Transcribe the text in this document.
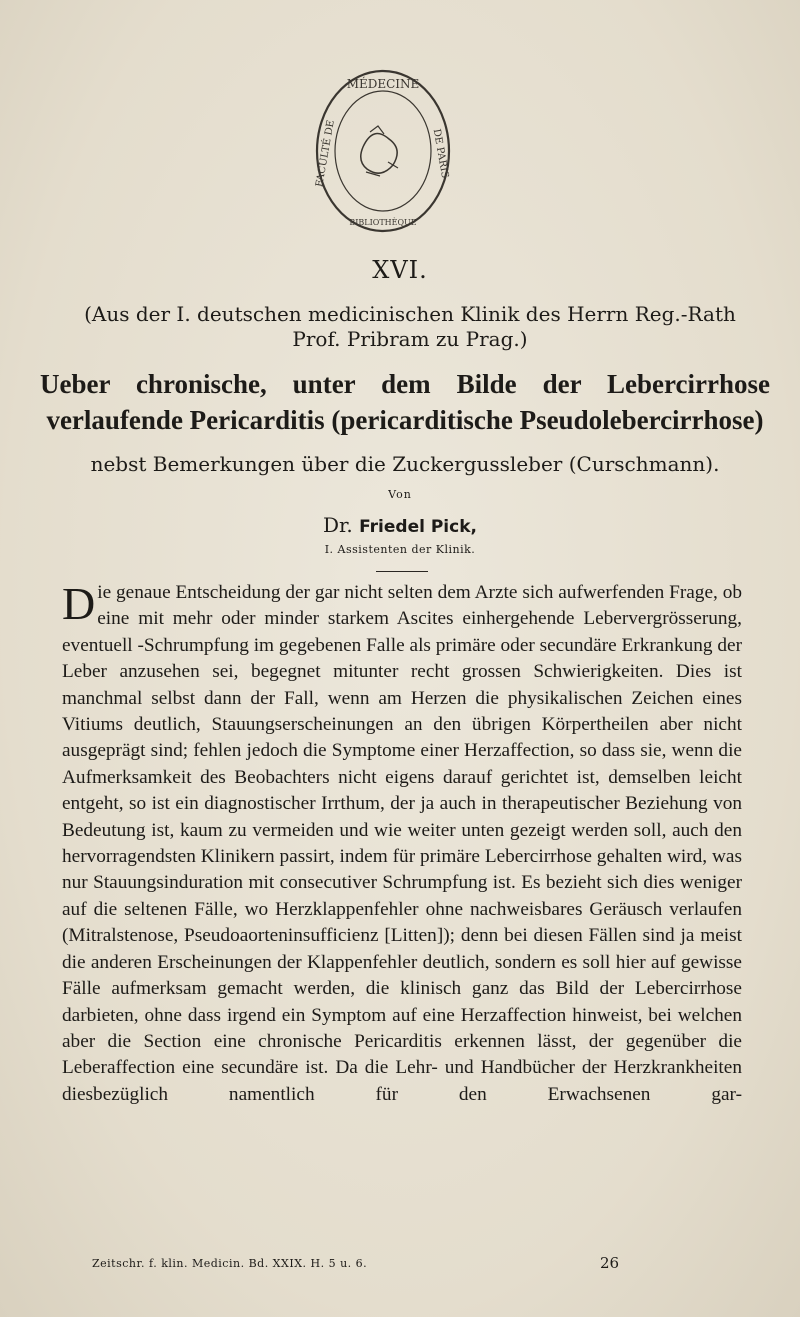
MÉDECINE
FACULTÉ DE	DE PARIS
BIBLIOTHÈQUE
XVI.
(Aus der I. deutschen medicinischen Klinik des Herrn Reg.-Rath Prof. Pribram zu Prag.)
Ueber chronische, unter dem Bilde der Lebercirrhose verlaufende Pericarditis (pericarditische Pseudolebercirrhose)
nebst Bemerkungen über die Zuckergussleber (Curschmann).
Von
Dr. Friedel Pick,
I. Assistenten der Klinik.

Die genaue Entscheidung der gar nicht selten dem Arzte sich aufwerfenden Frage, ob eine mit mehr oder minder starkem Ascites einhergehende Lebervergrösserung, eventuell -Schrumpfung im gegebenen Falle als primäre oder secundäre Erkrankung der Leber anzusehen sei, begegnet mitunter recht grossen Schwierigkeiten. Dies ist manchmal selbst dann der Fall, wenn am Herzen die physikalischen Zeichen eines Vitiums deutlich, Stauungserscheinungen an den übrigen Körpertheilen aber nicht ausgeprägt sind; fehlen jedoch die Symptome einer Herzaffection, so dass sie, wenn die Aufmerksamkeit des Beobachters nicht eigens darauf gerichtet ist, demselben leicht entgeht, so ist ein diagnostischer Irrthum, der ja auch in therapeutischer Beziehung von Bedeutung ist, kaum zu vermeiden und wie weiter unten gezeigt werden soll, auch den hervorragendsten Klinikern passirt, indem für primäre Lebercirrhose gehalten wird, was nur Stauungsinduration mit consecutiver Schrumpfung ist. Es bezieht sich dies weniger auf die seltenen Fälle, wo Herzklappenfehler ohne nachweisbares Geräusch verlaufen (Mitralstenose, Pseudoaorteninsufficienz [Litten]); denn bei diesen Fällen sind ja meist die anderen Erscheinungen der Klappenfehler deutlich, sondern es soll hier auf gewisse Fälle aufmerksam gemacht werden, die klinisch ganz das Bild der Lebercirrhose darbieten, ohne dass irgend ein Symptom auf eine Herzaffection hinweist, bei welchen aber die Section eine chronische Pericarditis erkennen lässt, der gegenüber die Leberaffection eine secundäre ist. Da die Lehr- und Handbücher der Herzkrankheiten diesbezüglich namentlich für den Erwachsenen gar-

Zeitschr. f. klin. Medicin. Bd. XXIX. H. 5 u. 6.	26
